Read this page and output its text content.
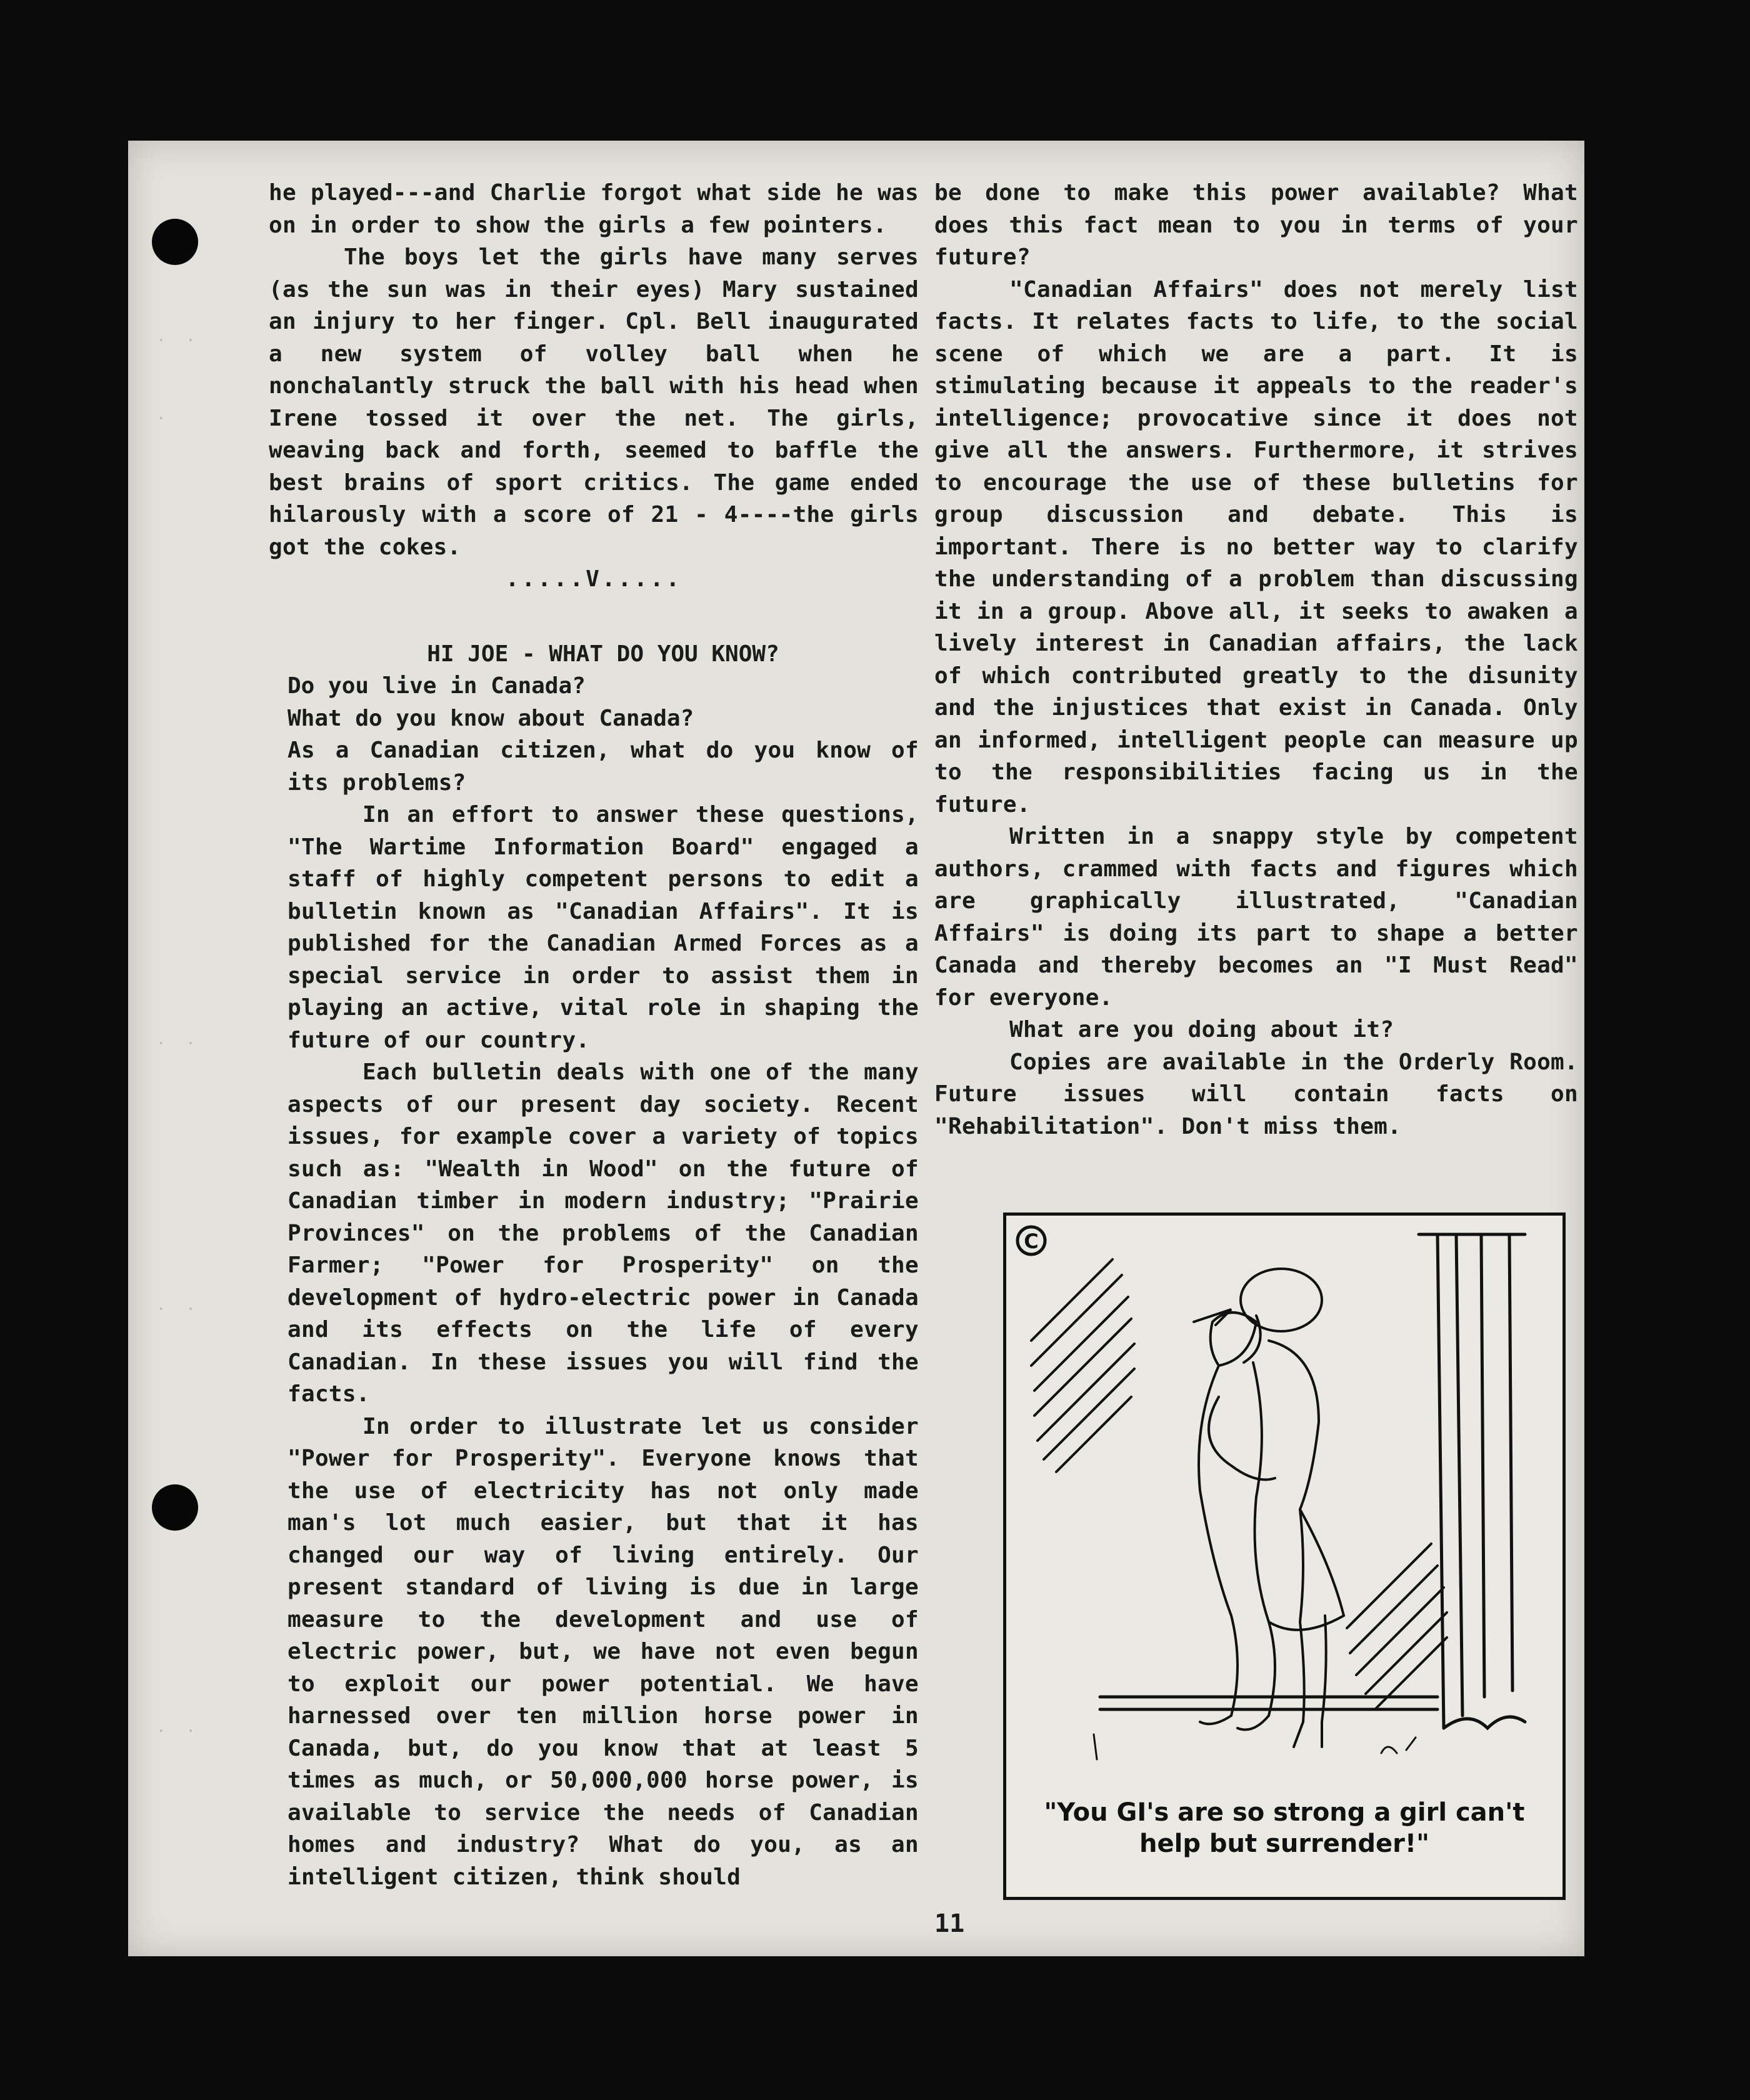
· ·
·
· ·
· ·
· ·

he played---and Charlie forgot what side he was on in order to show the girls a few pointers.

The boys let the girls have many serves (as the sun was in their eyes) Mary sustained an injury to her finger. Cpl. Bell inaugurated a new system of volley ball when he nonchalantly struck the ball with his head when Irene tossed it over the net. The girls, weaving back and forth, seemed to baffle the best brains of sport critics. The game ended hilarously with a score of 21 - 4----the girls got the cokes.

.....V.....
HI JOE - WHAT DO YOU KNOW?
Do you live in Canada?
What do you know about Canada?

As a Canadian citizen, what do you know of its problems?

In an effort to answer these questions, "The Wartime Information Board" engaged a staff of highly competent persons to edit a bulletin known as "Canadian Affairs". It is published for the Canadian Armed Forces as a special service in order to assist them in playing an active, vital role in shaping the future of our country.

Each bulletin deals with one of the many aspects of our present day society. Recent issues, for example cover a variety of topics such as: "Wealth in Wood" on the future of Canadian timber in modern industry; "Prairie Provinces" on the problems of the Canadian Farmer; "Power for Prosperity" on the development of hydro-electric power in Canada and its effects on the life of every Canadian. In these issues you will find the facts.

In order to illustrate let us consider "Power for Prosperity". Everyone knows that the use of electricity has not only made man's lot much easier, but that it has changed our way of living entirely. Our present standard of living is due in large measure to the development and use of electric power, but, we have not even begun to exploit our power potential. We have harnessed over ten million horse power in Canada, but, do you know that at least 5 times as much, or 50,000,000 horse power, is available to service the needs of Canadian homes and industry? What do you, as an intelligent citizen, think should

be done to make this power available? What does this fact mean to you in terms of your future?

"Canadian Affairs" does not merely list facts. It relates facts to life, to the social scene of which we are a part. It is stimulating because it appeals to the reader's intelligence; provocative since it does not give all the answers. Furthermore, it strives to encourage the use of these bulletins for group discussion and debate. This is important. There is no better way to clarify the understanding of a problem than discussing it in a group. Above all, it seeks to awaken a lively interest in Canadian affairs, the lack of which contributed greatly to the disunity and the injustices that exist in Canada. Only an informed, intelligent people can measure up to the responsibilities facing us in the future.

Written in a snappy style by competent authors, crammed with facts and figures which are graphically illustrated, "Canadian Affairs" is doing its part to shape a better Canada and thereby becomes an "I Must Read" for everyone.

What are you doing about it?

Copies are available in the Orderly Room. Future issues will contain facts on "Rehabilitation". Don't miss them.

C
"You GI's are so strong a girl can't help but surrender!"
11
